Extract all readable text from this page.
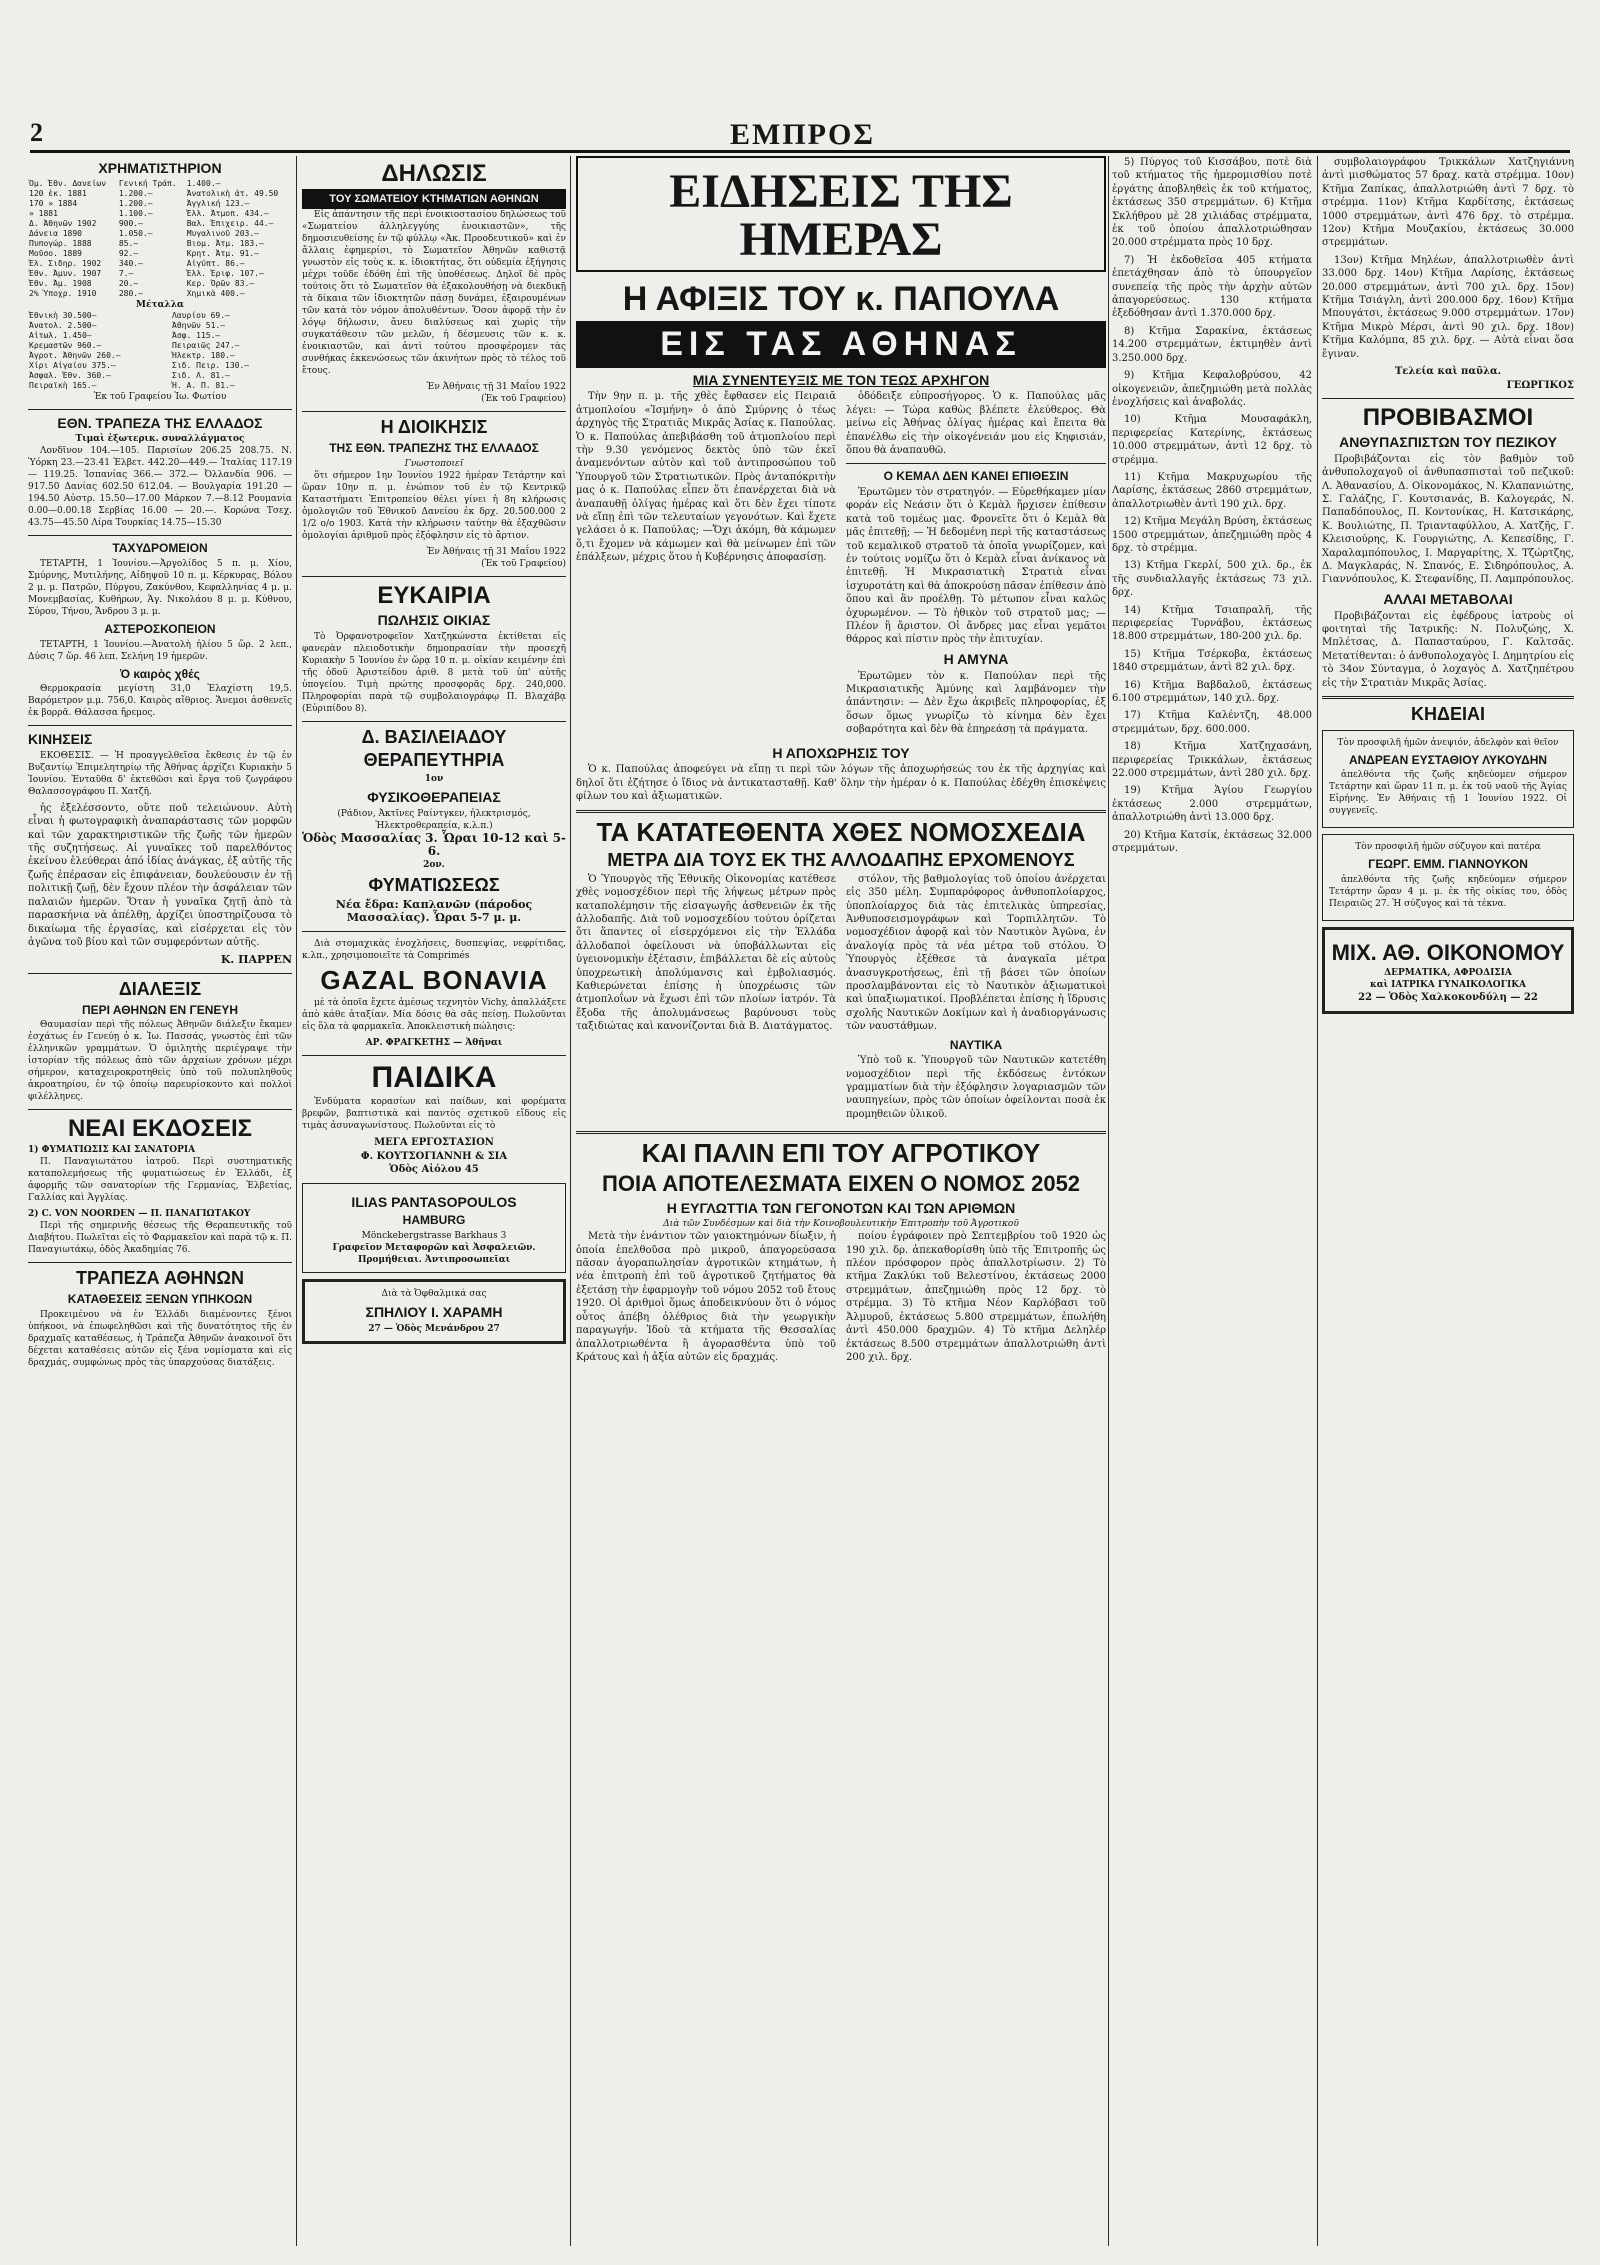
2	ΕΜΠΡΟΣ
ΧΡΗΜΑΤΙΣΤΗΡΙΟΝ
Ὁμ. Ἐθν. Δανείων	Γενική Τράπ.	1.400.—
120 ἐκ. 1881	1.200.—	Ἀνατολικὴ ἀτ. 49.50
170 » 1884	1.200.—	Ἀγγλική 123.—
» 1881	1.100.—	Ἑλλ. Ἀτμοπ. 434.—
Δ. Ἀθηνῶν 1902	900.—	Βαλ. Ἐπιχειρ. 44.—
Δάνεια 1890	1.050.—	Μυγαλινοῦ 203.—
Πυπογώρ. 1888	85.—	Βιομ. Ἀτμ. 183.—
Μοῦσο. 1889	92.—	Κρητ. Ἀτμ. 91.—
Ἐλ. Σιδηρ. 1902	340.—	Αἰγύπτ. 86.—
Ἐθν. Ἀμυν. 1907	7.—	Ἐλλ. Ἐριφ. 107.—
Ἐθν. Ἀμ. 1908	20.—	Κερ. Ὀρῶν 83.—
2% Ὑποχρ. 1910	280.—	Χημικὰ 400.—
Μέταλλα
Ἐθνικὴ 30.500—	Λαυρίου 69.—
Ἀνατολ. 2.500—	Ἀθηνῶν 51.—
Αἰτωλ. 1.450—	Ἀσφ. 115.—
Κρεμαστῶν 960.—	Πειραιῶς 247.—
Ἀγροτ. Ἀθηνῶν 260.—	Ἡλεκτρ. 180.—
Χίρι Αἰγαίου 375.—	Σιδ. Πειρ. 130.—
Ἀσφαλ. Ἐθν. 360.—	Σιδ. Λ. 81.—
Πειραϊκὴ 165.—	Ἡ. Α. Π. 81.—
Ἐκ τοῦ Γραφείου Ἰω. Φωτίου
ΕΘΝ. ΤΡΑΠΕΖΑ ΤΗΣ ΕΛΛΑΔΟΣ
Τιμαὶ ἐξωτερικ. συναλλάγματος

Λονδῖνον 104.—105. Παρισίων 206.25 208.75. Ν. Ὑόρκη 23.—23.41 Ἑλβετ. 442.20—449.— Ἰταλίας 117.19— 119.25. Ἱσπανίας 366.— 372.— Ὀλλανδία 906. — 917.50 Δανίας 602.50 612.04. — Βουλγαρία 191.20 — 194.50 Αὐστρ. 15.50—17.00 Μάρκον 7.—8.12 Ρουμανία 0.00—0.00.18 Σερβίας 16.00 — 20.—. Κορώνα Τσεχ. 43.75—45.50 Λίρα Τουρκίας 14.75—15.30

ΤΑΧΥΔΡΟΜΕΙΟΝ

ΤΕΤΑΡΤΗ, 1 Ἰουνίου.—Ἀργολίδος 5 π. μ. Χίου, Σμύρνης, Μυτιλήνης, Αἰδηψοῦ 10 π. μ. Κέρκυρας, Βόλου 2 μ. μ. Πατρῶν, Πύργου, Ζακύνθου, Κεφαλληνίας 4 μ. μ. Μονεμβασίας, Κυθήρων, Ἁγ. Νικολάου 8 μ. μ. Κύθνου, Σύρου, Τήνου, Ἄνδρου 3 μ. μ.

ΑΣΤΕΡΟΣΚΟΠΕΙΟΝ

ΤΕΤΑΡΤΗ, 1 Ἰουνίου.—Ἀνατολὴ ἡλίου 5 ὥρ. 2 λεπ., Δύσις 7 ὥρ. 46 λεπ. Σελήνη 19 ἡμερῶν.

Ὁ καιρὸς χθές

Θερμοκρασία μεγίστη 31,0 Ἐλαχίστη 19,5. Βαρόμετρον μ.μ. 756,0. Καιρὸς αἴθριος. Ἄνεμοι ἀσθενεῖς ἐκ βορρᾶ. Θάλασσα ἤρεμος.

ΚΙΝΗΣΕΙΣ

ΕΚΟΘΕΣΙΣ. — Ἡ προαγγελθεῖσα ἔκθεσις ἐν τῷ ἐν Βυζαντίῳ Ἐπιμελητηρίῳ τῆς Ἀθήνας ἀρχίζει Κυριακὴν 5 Ἰουνίου. Ἐνταῦθα δ' ἐκτεθῶσι καὶ ἔργα τοῦ ζωγράφου Θαλασσογράφου Π. Χατζῆ.

ἡς ἐξελέσσοντο, οὔτε ποῦ τελειώνουν. Αὐτὴ εἶναι ἡ φωτογραφικὴ ἀναπαράστασις τῶν μορφῶν καὶ τῶν χαρακτηριστικῶν τῆς ζωῆς τῶν ἡμερῶν τῆς συζητήσεως. Αἱ γυναῖκες τοῦ παρελθόντος ἐκείνου ἐλεύθεραι ἀπό ἰδίας ἀνάγκας, ἐξ αὐτῆς τῆς ζωῆς ἐπέρασαν εἰς ἐπιφάνειαν, δουλεύουσιν ἐν τῇ πολιτικῇ ζωῇ, δὲν ἔχουν πλέον τὴν ἀσφάλειαν τῶν παλαιῶν ἡμερῶν. Ὅταν ἡ γυναῖκα ζητῇ ἀπὸ τὰ παρασκήνια νὰ ἀπέλθῃ, ἀρχίζει ὑποστηρίζουσα τὸ δικαίωμα τῆς ἐργασίας, καὶ εἰσέρχεται εἰς τὸν ἀγῶνα τοῦ βίου καὶ τῶν συμφερόντων αὐτῆς.

Κ. ΠΑΡΡΕΝ
ΔΙΑΛΕΞΙΣ
ΠΕΡΙ ΑΘΗΝΩΝ ΕΝ ΓΕΝΕΥΗ

Θαυμασίαν περὶ τῆς πόλεως Ἀθηνῶν διάλεξιν ἔκαμεν ἐσχάτως ἐν Γενεύῃ ὁ κ. Ἰω. Πασσάς, γνωστὸς ἐπὶ τῶν ἑλληνικῶν γραμμάτων. Ὁ ὁμιλητὴς περιέγραψε τὴν ἱστορίαν τῆς πόλεως ἀπὸ τῶν ἀρχαίων χρόνων μέχρι σήμερον, καταχειροκροτηθεὶς ὑπὸ τοῦ πολυπληθοῦς ἀκροατηρίου, ἐν τῷ ὁποίῳ παρευρίσκοντο καὶ πολλοὶ φιλέλληνες.

ΝΕΑΙ ΕΚΔΟΣΕΙΣ
1) ΦΥΜΑΤΙΩΣΙΣ ΚΑΙ ΣΑΝΑΤΟΡΙΑ

Π. Παναγιωτάτου ἰατροῦ. Περὶ συστηματικῆς καταπολεμήσεως τῆς φυματιώσεως ἐν Ἑλλάδι, ἐξ ἀφορμῆς τῶν σανατορίων τῆς Γερμανίας, Ἑλβετίας, Γαλλίας καὶ Ἀγγλίας.

2) C. VON NOORDEN — Π. ΠΑΝΑΓΙΩΤΑΚΟΥ

Περὶ τῆς σημερινῆς θέσεως τῆς Θεραπευτικῆς τοῦ Διαβήτου. Πωλεῖται εἰς τὸ Φαρμακεῖον καὶ παρὰ τῷ κ. Π. Παναγιωτάκῳ, ὁδὸς Ἀκαδημίας 76.

ΤΡΑΠΕΖΑ ΑΘΗΝΩΝ
ΚΑΤΑΘΕΣΕΙΣ ΞΕΝΩΝ ΥΠΗΚΟΩΝ

Προκειμένου νὰ ἐν Ἑλλάδι διαμένοντες ξένοι ὑπήκοοι, νὰ ἐπωφεληθῶσι καὶ τῆς δυνατότητος τῆς ἐν δραχμαῖς καταθέσεως, ἡ Τράπεζα Ἀθηνῶν ἀνακοινοῖ ὅτι δέχεται καταθέσεις αὐτῶν εἰς ξένα νομίσματα καὶ εἰς δραχμάς, συμφώνως πρὸς τὰς ὑπαρχούσας διατάξεις.

ΔΗΛΩΣΙΣ
ΤΟΥ ΣΩΜΑΤΕΙΟΥ ΚΤΗΜΑΤΙΩΝ ΑΘΗΝΩΝ

Εἰς ἀπάντησιν τῆς περὶ ἐνοικιοστασίου δηλώσεως τοῦ «Σωματείου ἀλληλεγγύης ἐνοικιαστῶν», τῆς δημοσιευθείσης ἐν τῷ φύλλῳ «Ἀκ. Προοδευτικοῦ» καὶ ἐν ἄλλαις ἐφημερίσι, τὸ Σωματεῖον Ἀθηνῶν καθιστᾷ γνωστὸν εἰς τοὺς κ. κ. ἰδιοκτήτας, ὅτι οὐδεμία ἐξήγησις μέχρι τοῦδε ἐδόθη ἐπὶ τῆς ὑποθέσεως. Δηλοῖ δὲ πρὸς τούτοις ὅτι τὸ Σωματεῖον θὰ ἐξακολουθήσῃ νὰ διεκδικῇ τὰ δίκαια τῶν ἰδιοκτητῶν πάσῃ δυνάμει, ἐξαιρουμένων τῶν κατὰ τὸν νόμον ἀπολυθέντων. Ὅσον ἀφορᾷ τὴν ἐν λόγῳ δήλωσιν, ἄνευ διαλύσεως καὶ χωρὶς τὴν συγκατάθεσιν τῶν μελῶν, ἡ δέσμευσις τῶν κ. κ. ἐνοικιαστῶν, καὶ ἀντὶ τούτου προσφέρομεν τὰς συνθήκας ἐκκενώσεως τῶν ἀκινήτων πρὸς τὸ τέλος τοῦ ἔτους.

Ἐν Ἀθήναις τῇ 31 Μαΐου 1922
(Ἐκ τοῦ Γραφείου)
Η ΔΙΟΙΚΗΣΙΣ
ΤΗΣ ΕΘΝ. ΤΡΑΠΕΖΗΣ ΤΗΣ ΕΛΛΑΔΟΣ
Γνωστοποιεῖ

ὅτι σήμερον 1ην Ἰουνίου 1922 ἡμέραν Τετάρτην καὶ ὥραν 10ην π. μ. ἐνώπιον τοῦ ἐν τῷ Κεντρικῷ Καταστήματι Ἐπιτροπείου θέλει γίνει ἡ 8η κλήρωσις ὁμολογιῶν τοῦ Ἐθνικοῦ Δανείου ἐκ δρχ. 20.500.000 2 1/2 ο/ο 1903. Κατὰ τὴν κλήρωσιν ταύτην θὰ ἐξαχθῶσιν ὁμολογίαι ἀριθμοῦ πρὸς ἐξόφλησιν εἰς τὸ ἄρτιον.

Ἐν Ἀθήναις τῇ 31 Μαΐου 1922
(Ἐκ τοῦ Γραφείου)
ΕΥΚΑΙΡΙΑ
ΠΩΛΗΣΙΣ ΟΙΚΙΑΣ

Τὸ Ὀρφανοτροφεῖον Χατζηκώνστα ἐκτίθεται εἰς φανερὰν πλειοδοτικὴν δημοπρασίαν τὴν προσεχῆ Κυριακὴν 5 Ἰουνίου ἐν ὥρᾳ 10 π. μ. οἰκίαν κειμένην ἐπὶ τῆς ὁδοῦ Ἀριστείδου ἀριθ. 8 μετὰ τοῦ ὑπ' αὐτῆς ὑπογείου. Τιμὴ πρώτης προσφορᾶς δρχ. 240,000. Πληροφορίαι παρὰ τῷ συμβολαιογράφῳ Π. Βλαχάβᾳ (Εὐριπίδου 8).

Δ. ΒΑΣΙΛΕΙΑΔΟΥ
ΘΕΡΑΠΕΥΤΗΡΙΑ
1ον
ΦΥΣΙΚΟΘΕΡΑΠΕΙΑΣ
(Ράδιον, Ἀκτῖνες Ραίντγκεν, ἠλεκτρισμός, Ἠλεκτροθεραπεία, κ.λ.π.)
Ὁδὸς Μασσαλίας 3. Ὧραι 10-12 καὶ 5-6.
2ον.
ΦΥΜΑΤΙΩΣΕΩΣ
Νέα ἔδρα: Καπλανῶν (πάροδος Μασσαλίας). Ὧραι 5-7 μ. μ.

Διὰ στομαχικὰς ἐνοχλήσεις, δυσπεψίας, νεφρίτιδας, κ.λπ., χρησιμοποιεῖτε τὰ Comprimés

GAZAL BONAVIA

μὲ τὰ ὁποῖα ἔχετε ἀμέσως τεχνητὸν Vichy, ἀπαλλάξετε ἀπὸ κάθε ἀταξίαν. Μία δόσις θὰ σᾶς πείσῃ. Πωλοῦνται εἰς ὅλα τὰ φαρμακεῖα. Ἀποκλειστικὴ πώλησις:

ΑΡ. ΦΡΑΓΚΕΤΗΣ — Ἀθῆναι
ΠΑΙΔΙΚΑ

Ἐνδύματα κορασίων καὶ παίδων, καὶ φορέματα βρεφῶν, βαπτιστικὰ καὶ παντὸς σχετικοῦ εἴδους εἰς τιμὰς ἀσυναγωνίστους. Πωλοῦνται εἰς τὸ

ΜΕΓΑ ΕΡΓΟΣΤΑΣΙΟΝ
Φ. ΚΟΥΤΣΟΓΙΑΝΝΗ & ΣΙΑ
Ὁδὸς Αἰόλου 45
ILIAS PANTASOPOULOS
HAMBURG
Mönckebergstrasse Barkhaus 3
Γραφεῖον Μεταφορῶν καὶ Ἀσφαλειῶν. Προμήθειαι. Ἀντιπροσωπεῖαι
Διὰ τὰ Ὀφθαλμικά σας
ΣΠΗΛΙΟΥ Ι. ΧΑΡΑΜΗ
27 — Ὁδὸς Μενάνδρου 27
ΕΙΔΗΣΕΙΣ ΤΗΣ ΗΜΕΡΑΣ
Η ΑΦΙΞΙΣ ΤΟΥ κ. ΠΑΠΟΥΛΑ
ΕΙΣ ΤΑΣ ΑΘΗΝΑΣ
ΜΙΑ ΣΥΝΕΝΤΕΥΞΙΣ ΜΕ ΤΟΝ ΤΕΩΣ ΑΡΧΗΓΟΝ

Τὴν 9ην π. μ. τῆς χθὲς ἔφθασεν εἰς Πειραιᾶ ἀτμοπλοίου «Ἰσμήνη» ὁ ἀπὸ Σμύρνης ὁ τέως ἀρχηγὸς τῆς Στρατιᾶς Μικρᾶς Ἀσίας κ. Παπούλας. Ὁ κ. Παπούλας ἀπεβιβάσθη τοῦ ἀτμοπλοίου περὶ τὴν 9.30 γενόμενος δεκτὸς ὑπὸ τῶν ἐκεῖ ἀναμενόντων αὐτὸν καὶ τοῦ ἀντιπροσώπου τοῦ Ὑπουργοῦ τῶν Στρατιωτικῶν. Πρὸς ἀνταπόκριτὴν μας ὁ κ. Παπούλας εἶπεν ὅτι ἐπανέρχεται διὰ νὰ ἀναπαυθῇ ὀλίγας ἡμέρας καὶ ὅτι δὲν ἔχει τίποτε νὰ εἴπῃ ἐπὶ τῶν τελευταίων γεγονότων. Καὶ ἔχετε γελάσει ὁ κ. Παπούλας; —Ὄχι ἀκόμη, θὰ κάμωμεν ὅ,τι ἔχομεν νὰ κάμωμεν καὶ θὰ μείνωμεν ἐπὶ τῶν ἐπάλξεων, μέχρις ὅτου ἡ Κυβέρνησις ἀποφασίσῃ.

ὁδόδειξε εὐπροσήγορος. Ὁ κ. Παπούλας μᾶς λέγει: — Τώρα καθὼς βλέπετε ἐλεύθερος. Θὰ μείνω εἰς Ἀθήνας ὀλίγας ἡμέρας καὶ ἔπειτα θὰ ἐπανέλθω εἰς τὴν οἰκογένειάν μου εἰς Κηφισιάν, ὅπου θὰ ἀναπαυθῶ.

Ο ΚΕΜΑΛ ΔΕΝ ΚΑΝΕΙ ΕΠΙΘΕΣΙΝ

Ἐρωτῶμεν τὸν στρατηγόν. — Εὑρεθήκαμεν μίαν φοράν εἰς Νεάσιν ὅτι ὁ Κεμὰλ ἤρχισεν ἐπίθεσιν κατὰ τοῦ τομέως μας. Φρονεῖτε ὅτι ὁ Κεμὰλ θὰ μᾶς ἐπιτεθῇ; — Ἡ δεδομένη περὶ τῆς καταστάσεως τοῦ κεμαλικοῦ στρατοῦ τὰ ὁποῖα γνωρίζομεν, καὶ ἐν τούτοις νομίζω ὅτι ὁ Κεμὰλ εἶναι ἀνίκανος νὰ ἐπιτεθῇ. Ἡ Μικρασιατικὴ Στρατιὰ εἶναι ἰσχυροτάτη καὶ θὰ ἀποκρούσῃ πᾶσαν ἐπίθεσιν ἀπὸ ὅπου καὶ ἂν προέλθῃ. Τὸ μέτωπον εἶναι καλῶς ὀχυρωμένον. — Τὸ ἠθικὸν τοῦ στρατοῦ μας; — Πλέον ἢ ἄριστον. Οἱ ἄνδρες μας εἶναι γεμᾶτοι θάρρος καὶ πίστιν πρὸς τὴν ἐπιτυχίαν.

Η ΑΜΥΝΑ

Ἐρωτῶμεν τὸν κ. Παπούλαν περὶ τῆς Μικρασιατικῆς Ἀμύνης καὶ λαμβάνομεν τὴν ἀπάντησιν: — Δὲν ἔχω ἀκριβεῖς πληροφορίας, ἐξ ὅσων ὅμως γνωρίζω τὸ κίνημα δὲν ἔχει σοβαρότητα καὶ δὲν θὰ ἐπηρεάσῃ τὰ πράγματα.

Η ΑΠΟΧΩΡΗΣΙΣ ΤΟΥ

Ὁ κ. Παπούλας ἀποφεύγει νὰ εἴπῃ τι περὶ τῶν λόγων τῆς ἀποχωρήσεώς του ἐκ τῆς ἀρχηγίας καὶ δηλοῖ ὅτι ἐζήτησε ὁ ἴδιος νὰ ἀντικατασταθῇ. Καθ' ὅλην τὴν ἡμέραν ὁ κ. Παπούλας ἐδέχθη ἐπισκέψεις φίλων του καὶ ἀξιωματικῶν.

ΤΑ ΚΑΤΑΤΕΘΕΝΤΑ ΧΘΕΣ ΝΟΜΟΣΧΕΔΙΑ
ΜΕΤΡΑ ΔΙΑ ΤΟΥΣ ΕΚ ΤΗΣ ΑΛΛΟΔΑΠΗΣ ΕΡΧΟΜΕΝΟΥΣ

Ὁ Ὑπουργὸς τῆς Ἐθνικῆς Οἰκονομίας κατέθεσε χθὲς νομοσχέδιον περὶ τῆς λήψεως μέτρων πρὸς καταπολέμησιν τῆς εἰσαγωγῆς ἀσθενειῶν ἐκ τῆς ἀλλοδαπῆς. Διὰ τοῦ νομοσχεδίου τούτου ὁρίζεται ὅτι ἅπαντες οἱ εἰσερχόμενοι εἰς τὴν Ἑλλάδα ἀλλοδαποὶ ὀφείλουσι νὰ ὑποβάλλωνται εἰς ὑγειονομικὴν ἐξέτασιν, ἐπιβάλλεται δὲ εἰς αὐτοὺς ὑποχρεωτικὴ ἀπολύμανσις καὶ ἐμβολιασμός. Καθιερώνεται ἐπίσης ἡ ὑποχρέωσις τῶν ἀτμοπλοΐων νὰ ἔχωσι ἐπὶ τῶν πλοίων ἰατρόν. Τὰ ἔξοδα τῆς ἀπολυμάνσεως βαρύνουσι τοὺς ταξιδιώτας καὶ κανονίζονται διὰ Β. Διατάγματος.

στόλον, τῆς βαθμολογίας τοῦ ὁποίου ἀνέρχεται εἰς 350 μέλη. Συμπαρόφορος ἀνθυποπλοίαρχος, ὑποπλοίαρχος διὰ τὰς ἐπιτελικὰς ὑπηρεσίας, Ἀνθυποσεισμογράφων καὶ Τορπιλλητῶν. Τὸ νομοσχέδιον ἀφορᾷ καὶ τὸν Ναυτικὸν Ἀγῶνα, ἐν ἀναλογίᾳ πρὸς τὰ νέα μέτρα τοῦ στόλου. Ὁ Ὑπουργὸς ἐξέθεσε τὰ ἀναγκαῖα μέτρα ἀνασυγκροτήσεως, ἐπὶ τῇ βάσει τῶν ὁποίων προσλαμβάνονται εἰς τὸ Ναυτικὸν ἀξιωματικοὶ καὶ ὑπαξιωματικοί. Προβλέπεται ἐπίσης ἡ ἵδρυσις σχολῆς Ναυτικῶν Δοκίμων καὶ ἡ ἀναδιοργάνωσις τῶν ναυστάθμων.

ΝΑΥΤΙΚΑ

Ὑπὸ τοῦ κ. Ὑπουργοῦ τῶν Ναυτικῶν κατετέθη νομοσχέδιον περὶ τῆς ἐκδόσεως ἐντόκων γραμματίων διὰ τὴν ἐξόφλησιν λογαριασμῶν τῶν ναυπηγείων, πρὸς τῶν ὁποίων ὀφείλονται ποσὰ ἐκ προμηθειῶν ὑλικοῦ.

ΚΑΙ ΠΑΛΙΝ ΕΠΙ ΤΟΥ ΑΓΡΟΤΙΚΟΥ
ΠΟΙΑ ΑΠΟΤΕΛΕΣΜΑΤΑ ΕΙΧΕΝ Ο ΝΟΜΟΣ 2052
Η ΕΥΓΛΩΤΤΙΑ ΤΩΝ ΓΕΓΟΝΟΤΩΝ ΚΑΙ ΤΩΝ ΑΡΙΘΜΩΝ
Διὰ τῶν Συνδέσμων καὶ διὰ τὴν Κοινοβουλευτικὴν Ἐπιτροπὴν τοῦ Ἀγροτικοῦ

Μετὰ τὴν ἐνάντιον τῶν γαιοκτημόνων δίωξιν, ἡ ὁποία ἐπελθοῦσα πρὸ μικροῦ, ἀπαγορεύσασα πᾶσαν ἀγοραπωλησίαν ἀγροτικῶν κτημάτων, ἡ νέα ἐπιτροπὴ ἐπὶ τοῦ ἀγροτικοῦ ζητήματος θὰ ἐξετάσῃ τὴν ἐφαρμογὴν τοῦ νόμου 2052 τοῦ ἔτους 1920. Οἱ ἀριθμοὶ ὅμως ἀποδεικνύουν ὅτι ὁ νόμος οὗτος ἀπέβη ὀλέθριος διὰ τὴν γεωργικὴν παραγωγήν. Ἰδοὺ τὰ κτήματα τῆς Θεσσαλίας ἀπαλλοτριωθέντα ἢ ἀγορασθέντα ὑπὸ τοῦ Κράτους καὶ ἡ ἀξία αὐτῶν εἰς δραχμάς.

ποίου ἐγράφοιεν πρὸ Σεπτεμβρίου τοῦ 1920 ὡς 190 χιλ. δρ. ἀπεκαθορίσθη ὑπὸ τῆς Ἐπιτροπῆς ὡς πλέον πρόσφορον πρὸς ἀπαλλοτρίωσιν. 2) Τὸ κτῆμα Ζακλύκι τοῦ Βελεστίνου, ἐκτάσεως 2000 στρεμμάτων, ἀπεζημιώθη πρὸς 12 δρχ. τὸ στρέμμα. 3) Τὸ κτῆμα Νέον Καρλόβασι τοῦ Ἀλμυροῦ, ἐκτάσεως 5.800 στρεμμάτων, ἐπωλήθη ἀντὶ 450.000 δραχμῶν. 4) Τὸ κτῆμα Δεληλέρ ἐκτάσεως 8.500 στρεμμάτων ἀπαλλοτριώθη ἀντὶ 200 χιλ. δρχ.

5) Πύργος τοῦ Κισσάβου, ποτὲ διὰ τοῦ κτήματος τῆς ἡμερομισθίου ποτὲ ἐργάτης ἀποβληθεὶς ἐκ τοῦ κτήματος, ἐκτάσεως 350 στρεμμάτων. 6) Κτῆμα Σκλήθρου μὲ 28 χιλιάδας στρέμματα, ἐκ τοῦ ὁποίου ἀπαλλοτριώθησαν 20.000 στρέμματα πρὸς 10 δρχ.

7) Ἡ ἐκδοθεῖσα 405 κτήματα ἐπετάχθησαν ἀπὸ τὸ ὑπουργεῖον συνεπείᾳ τῆς πρὸς τὴν ἀρχὴν αὐτῶν ἀπαγορεύσεως. 130 κτήματα ἐξεδόθησαν ἀντὶ 1.370.000 δρχ.

8) Κτῆμα Σαρακίνα, ἐκτάσεως 14.200 στρεμμάτων, ἐκτιμηθὲν ἀντὶ 3.250.000 δρχ.

9) Κτῆμα Κεφαλοβρύσου, 42 οἰκογενειῶν, ἀπεζημιώθη μετὰ πολλὰς ἐνοχλήσεις καὶ ἀναβολάς.

10) Κτῆμα Μουσαφάκλη, περιφερείας Κατερίνης, ἐκτάσεως 10.000 στρεμμάτων, ἀντὶ 12 δρχ. τὸ στρέμμα.

11) Κτῆμα Μακρυχωρίου τῆς Λαρίσης, ἐκτάσεως 2860 στρεμμάτων, ἀπαλλοτριωθὲν ἀντὶ 190 χιλ. δρχ.

12) Κτῆμα Μεγάλη Βρύση, ἐκτάσεως 1500 στρεμμάτων, ἀπεζημιώθη πρὸς 4 δρχ. τὸ στρέμμα.

13) Κτῆμα Γκερλί, 500 χιλ. δρ., ἐκ τῆς συνδιαλλαγῆς ἐκτάσεως 73 χιλ. δρχ.

14) Κτῆμα Τσιαπραλῆ, τῆς περιφερείας Τυρνάβου, ἐκτάσεως 18.800 στρεμμάτων, 180-200 χιλ. δρ.

15) Κτῆμα Τσέρκοβα, ἐκτάσεως 1840 στρεμμάτων, ἀντὶ 82 χιλ. δρχ.

16) Κτῆμα Βαβδαλοῦ, ἐκτάσεως 6.100 στρεμμάτων, 140 χιλ. δρχ.

17) Κτῆμα Καλέντζη, 48.000 στρεμμάτων, δρχ. 600.000.

18) Κτῆμα Χατζηχασάνη, περιφερείας Τρικκάλων, ἐκτάσεως 22.000 στρεμμάτων, ἀντὶ 280 χιλ. δρχ.

19) Κτῆμα Ἁγίου Γεωργίου ἐκτάσεως 2.000 στρεμμάτων, ἀπαλλοτριώθη ἀντὶ 13.000 δρχ.

20) Κτῆμα Κατσίκ, ἐκτάσεως 32.000 στρεμμάτων.

συμβολαιογράφου Τρικκάλων Χατζηγιάννη ἀντὶ μισθώματος 57 δραχ. κατὰ στρέμμα. 10ον) Κτῆμα Ζαπίκας, ἀπαλλοτριώθη ἀντὶ 7 δρχ. τὸ στρέμμα. 11ον) Κτῆμα Καρδίτσης, ἐκτάσεως 1000 στρεμμάτων, ἀντὶ 476 δρχ. τὸ στρέμμα. 12ον) Κτῆμα Μουζακίου, ἐκτάσεως 30.000 στρεμμάτων.

13ον) Κτῆμα Μηλέων, ἀπαλλοτριωθὲν ἀντὶ 33.000 δρχ. 14ον) Κτῆμα Λαρίσης, ἐκτάσεως 20.000 στρεμμάτων, ἀντὶ 700 χιλ. δρχ. 15ον) Κτῆμα Τσιάγλη, ἀντὶ 200.000 δρχ. 16ον) Κτῆμα Μπουγάτσι, ἐκτάσεως 9.000 στρεμμάτων. 17ον) Κτῆμα Μικρὸ Μέρσι, ἀντὶ 90 χιλ. δρχ. 18ον) Κτῆμα Καλόμπα, 85 χιλ. δρχ. — Αὐτὰ εἶναι ὅσα ἔγιναν.

Τελεία καὶ παῦλα.
ΓΕΩΡΓΙΚΟΣ
ΠΡΟΒΙΒΑΣΜΟΙ
ΑΝΘΥΠΑΣΠΙΣΤΩΝ ΤΟΥ ΠΕΖΙΚΟΥ

Προβιβάζονται εἰς τὸν βαθμὸν τοῦ ἀνθυπολοχαγοῦ οἱ ἀνθυπασπισταὶ τοῦ πεζικοῦ: Λ. Ἀθανασίου, Δ. Οἰκονομάκος, Ν. Κλαπανιώτης, Σ. Γαλάζης, Γ. Κουτσιανάς, Β. Καλογεράς, Ν. Παπαδόπουλος, Π. Κοντονίκας, Η. Κατσικάρης, Κ. Βουλιώτης, Π. Τριανταφύλλου, Α. Χατζῆς, Γ. Κλεισιούρης, Κ. Γουργιώτης, Λ. Κεπεσίδης, Γ. Χαραλαμπόπουλος, Ι. Μαργαρίτης, Χ. Τζώρτζης, Δ. Μαγκλαράς, Ν. Σπανός, Ε. Σιδηρόπουλος, Α. Γιαννόπουλος, Κ. Στεφανίδης, Π. Λαμπρόπουλος.

ΑΛΛΑΙ ΜΕΤΑΒΟΛΑΙ

Προβιβάζονται εἰς ἐφέδρους ἰατροὺς οἱ φοιτηταὶ τῆς Ἰατρικῆς: Ν. Πολυζώης, Χ. Μπλέτσας, Δ. Παπασταύρου, Γ. Καλτσᾶς. Μετατίθενται: ὁ ἀνθυπολοχαγὸς Ι. Δημητρίου εἰς τὸ 34ον Σύνταγμα, ὁ λοχαγὸς Δ. Χατζηπέτρου εἰς τὴν Στρατιὰν Μικρᾶς Ἀσίας.

ΚΗΔΕΙΑΙ
Τὸν προσφιλῆ ἡμῶν ἀνεψιόν, ἀδελφὸν καὶ θεῖον
ΑΝΔΡΕΑΝ ΕΥΣΤΑΘΙΟΥ ΛΥΚΟΥΔΗΝ

ἀπελθόντα τῆς ζωῆς κηδεύομεν σήμερον Τετάρτην καὶ ὥραν 11 π. μ. ἐκ τοῦ ναοῦ τῆς Ἁγίας Εἰρήνης. Ἐν Ἀθήναις τῇ 1 Ἰουνίου 1922. Οἱ συγγενεῖς.

Τὸν προσφιλῆ ἡμῶν σύζυγον καὶ πατέρα
ΓΕΩΡΓ. ΕΜΜ. ΓΙΑΝΝΟΥΚΟΝ

ἀπελθόντα τῆς ζωῆς κηδεύομεν σήμερον Τετάρτην ὥραν 4 μ. μ. ἐκ τῆς οἰκίας του, ὁδὸς Πειραιῶς 27. Ἡ σύζυγος καὶ τὰ τέκνα.

ΜΙΧ. ΑΘ. ΟΙΚΟΝΟΜΟΥ
ΔΕΡΜΑΤΙΚΑ, ΑΦΡΟΔΙΣΙΑ
καὶ ΙΑΤΡΙΚΑ ΓΥΝΑΙΚΟΛΟΓΙΚΑ
22 — Ὁδὸς Χαλκοκονδύλη — 22
